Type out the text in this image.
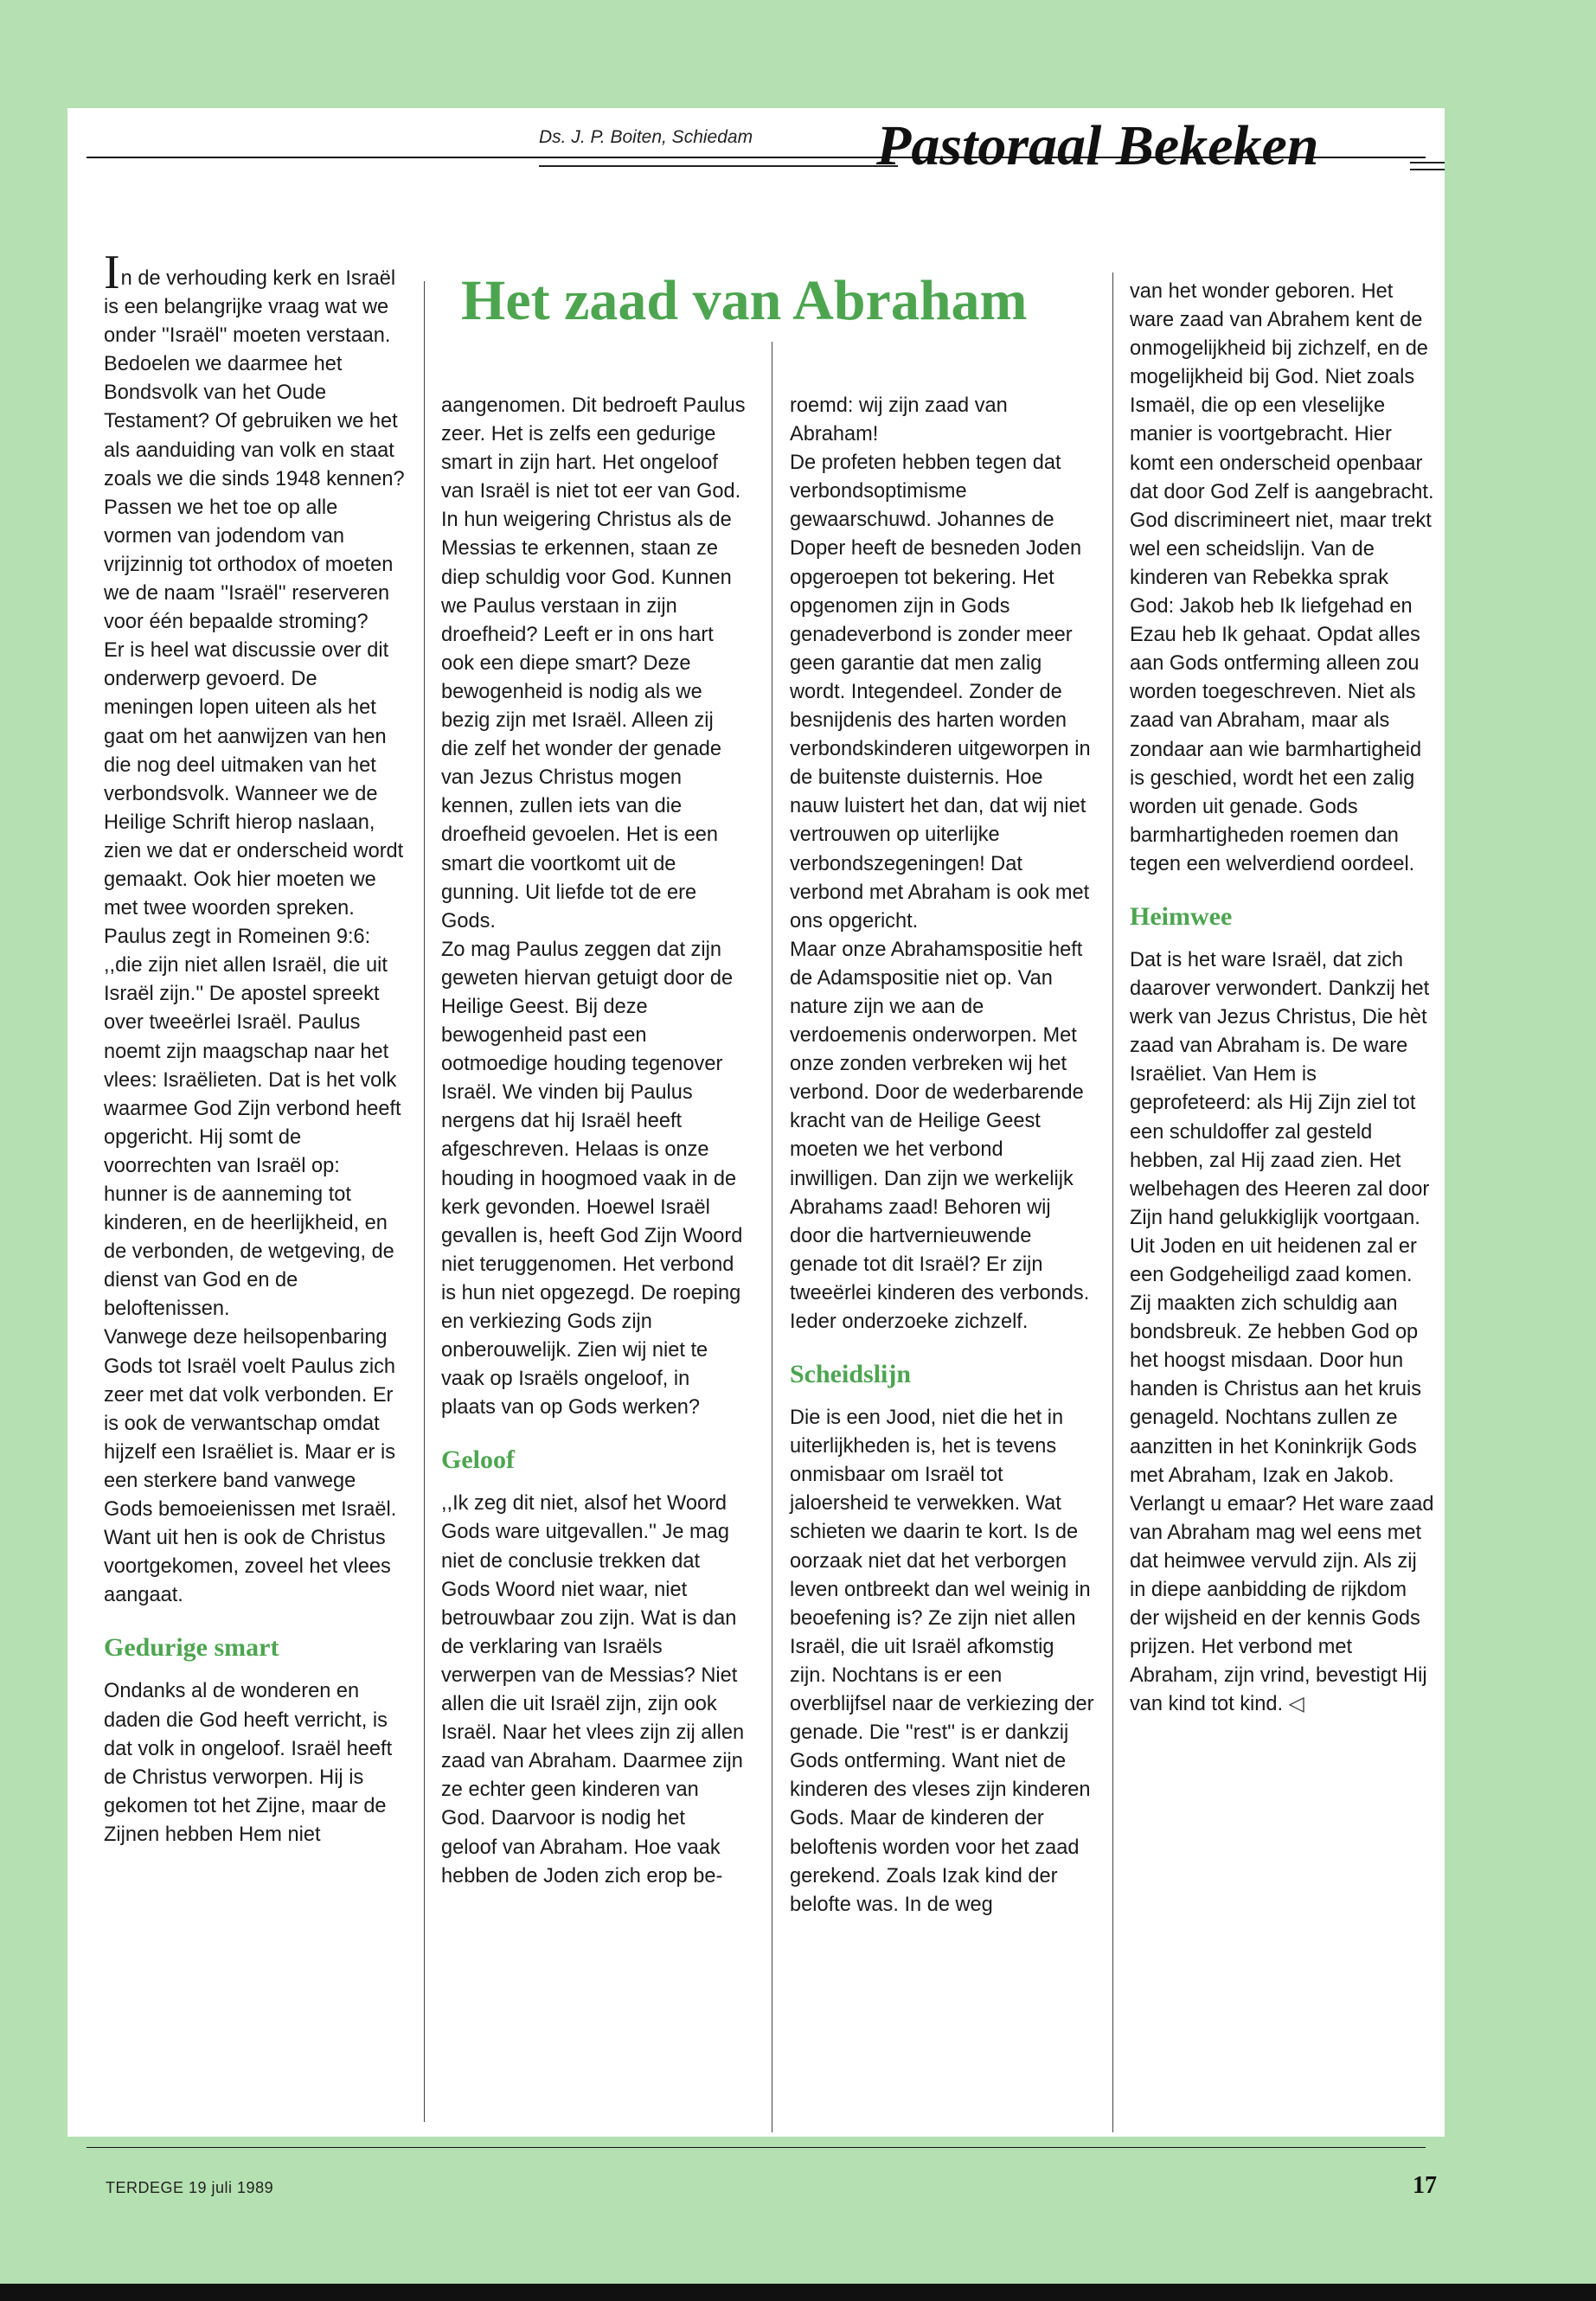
Ds. J. P. Boiten, Schiedam Pastoraal Bekeken
Het zaad van Abraham

In de verhouding kerk en Israël is een belangrijke vraag wat we onder ''Israël'' moeten verstaan. Bedoelen we daarmee het Bondsvolk van het Oude Testament? Of gebruiken we het als aanduiding van volk en staat zoals we die sinds 1948 kennen? Passen we het toe op alle vormen van jodendom van vrijzinnig tot orthodox of moeten we de naam ''Israël'' reserveren voor één bepaalde stroming?

Er is heel wat discussie over dit onderwerp gevoerd. De meningen lopen uiteen als het gaat om het aanwijzen van hen die nog deel uitmaken van het verbondsvolk. Wanneer we de Heilige Schrift hierop naslaan, zien we dat er onderscheid wordt gemaakt. Ook hier moeten we met twee woorden spreken. Paulus zegt in Romeinen 9:6: ,,die zijn niet allen Israël, die uit Israël zijn.'' De apostel spreekt over tweeërlei Israël. Paulus noemt zijn maagschap naar het vlees: Israëlieten. Dat is het volk waarmee God Zijn verbond heeft opgericht. Hij somt de voorrechten van Israël op: hunner is de aanneming tot kinderen, en de heerlijkheid, en de verbonden, de wetgeving, de dienst van God en de beloftenissen.

Vanwege deze heilsopenbaring Gods tot Israël voelt Paulus zich zeer met dat volk verbonden. Er is ook de verwantschap omdat hijzelf een Israëliet is. Maar er is een sterkere band vanwege Gods bemoeienissen met Israël. Want uit hen is ook de Christus voortgekomen, zoveel het vlees aangaat.

Gedurige smart

Ondanks al de wonderen en daden die God heeft verricht, is dat volk in ongeloof. Israël heeft de Christus verworpen. Hij is gekomen tot het Zijne, maar de Zijnen hebben Hem niet

aangenomen. Dit bedroeft Paulus zeer. Het is zelfs een gedurige smart in zijn hart. Het ongeloof van Israël is niet tot eer van God. In hun weigering Christus als de Messias te erkennen, staan ze diep schuldig voor God. Kunnen we Paulus verstaan in zijn droefheid? Leeft er in ons hart ook een diepe smart? Deze bewogenheid is nodig als we bezig zijn met Israël. Alleen zij die zelf het wonder der genade van Jezus Christus mogen kennen, zullen iets van die droefheid gevoelen. Het is een smart die voortkomt uit de gunning. Uit liefde tot de ere Gods.

Zo mag Paulus zeggen dat zijn geweten hiervan getuigt door de Heilige Geest. Bij deze bewogenheid past een ootmoedige houding tegenover Israël. We vinden bij Paulus nergens dat hij Israël heeft afgeschreven. Helaas is onze houding in hoogmoed vaak in de kerk gevonden. Hoewel Israël gevallen is, heeft God Zijn Woord niet teruggenomen. Het verbond is hun niet opgezegd. De roeping en verkiezing Gods zijn onberouwelijk. Zien wij niet te vaak op Israëls ongeloof, in plaats van op Gods werken?

Geloof

,,Ik zeg dit niet, alsof het Woord Gods ware uitgevallen.'' Je mag niet de conclusie trekken dat Gods Woord niet waar, niet betrouwbaar zou zijn. Wat is dan de verklaring van Israëls verwerpen van de Messias? Niet allen die uit Israël zijn, zijn ook Israël. Naar het vlees zijn zij allen zaad van Abraham. Daarmee zijn ze echter geen kinderen van God. Daarvoor is nodig het geloof van Abraham. Hoe vaak hebben de Joden zich erop be-

roemd: wij zijn zaad van Abraham!

De profeten hebben tegen dat verbondsoptimisme gewaarschuwd. Johannes de Doper heeft de besneden Joden opgeroepen tot bekering. Het opgenomen zijn in Gods genadeverbond is zonder meer geen garantie dat men zalig wordt. Integendeel. Zonder de besnijdenis des harten worden verbondskinderen uitgeworpen in de buitenste duisternis. Hoe nauw luistert het dan, dat wij niet vertrouwen op uiterlijke verbondszegeningen! Dat verbond met Abraham is ook met ons opgericht.

Maar onze Abrahamspositie heft de Adamspositie niet op. Van nature zijn we aan de verdoemenis onderworpen. Met onze zonden verbreken wij het verbond. Door de wederbarende kracht van de Heilige Geest moeten we het verbond inwilligen. Dan zijn we werkelijk Abrahams zaad! Behoren wij door die hartvernieuwende genade tot dit Israël? Er zijn tweeërlei kinderen des verbonds. Ieder onderzoeke zichzelf.

Scheidslijn

Die is een Jood, niet die het in uiterlijkheden is, het is tevens onmisbaar om Israël tot jaloersheid te verwekken. Wat schieten we daarin te kort. Is de oorzaak niet dat het verborgen leven ontbreekt dan wel weinig in beoefening is? Ze zijn niet allen Israël, die uit Israël afkomstig zijn. Nochtans is er een overblijfsel naar de verkiezing der genade. Die ''rest'' is er dankzij Gods ontferming. Want niet de kinderen des vleses zijn kinderen Gods. Maar de kinderen der beloftenis worden voor het zaad gerekend. Zoals Izak kind der belofte was. In de weg

van het wonder geboren. Het ware zaad van Abrahem kent de onmogelijkheid bij zichzelf, en de mogelijkheid bij God. Niet zoals Ismaël, die op een vleselijke manier is voortgebracht. Hier komt een onderscheid openbaar dat door God Zelf is aangebracht. God discrimineert niet, maar trekt wel een scheidslijn. Van de kinderen van Rebekka sprak God: Jakob heb Ik liefgehad en Ezau heb Ik gehaat. Opdat alles aan Gods ontferming alleen zou worden toegeschreven. Niet als zaad van Abraham, maar als zondaar aan wie barmhartigheid is geschied, wordt het een zalig worden uit genade. Gods barmhartigheden roemen dan tegen een welverdiend oordeel.

Heimwee

Dat is het ware Israël, dat zich daarover verwondert. Dankzij het werk van Jezus Christus, Die hèt zaad van Abraham is. De ware Israëliet. Van Hem is geprofeteerd: als Hij Zijn ziel tot een schuldoffer zal gesteld hebben, zal Hij zaad zien. Het welbehagen des Heeren zal door Zijn hand gelukkiglijk voortgaan. Uit Joden en uit heidenen zal er een Godgeheiligd zaad komen. Zij maakten zich schuldig aan bondsbreuk. Ze hebben God op het hoogst misdaan. Door hun handen is Christus aan het kruis genageld. Nochtans zullen ze aanzitten in het Koninkrijk Gods met Abraham, Izak en Jakob. Verlangt u emaar? Het ware zaad van Abraham mag wel eens met dat heimwee vervuld zijn. Als zij in diepe aanbidding de rijkdom der wijsheid en der kennis Gods prijzen. Het verbond met Abraham, zijn vrind, bevestigt Hij van kind tot kind. ◁

TERDEGE 19 juli 1989	17
